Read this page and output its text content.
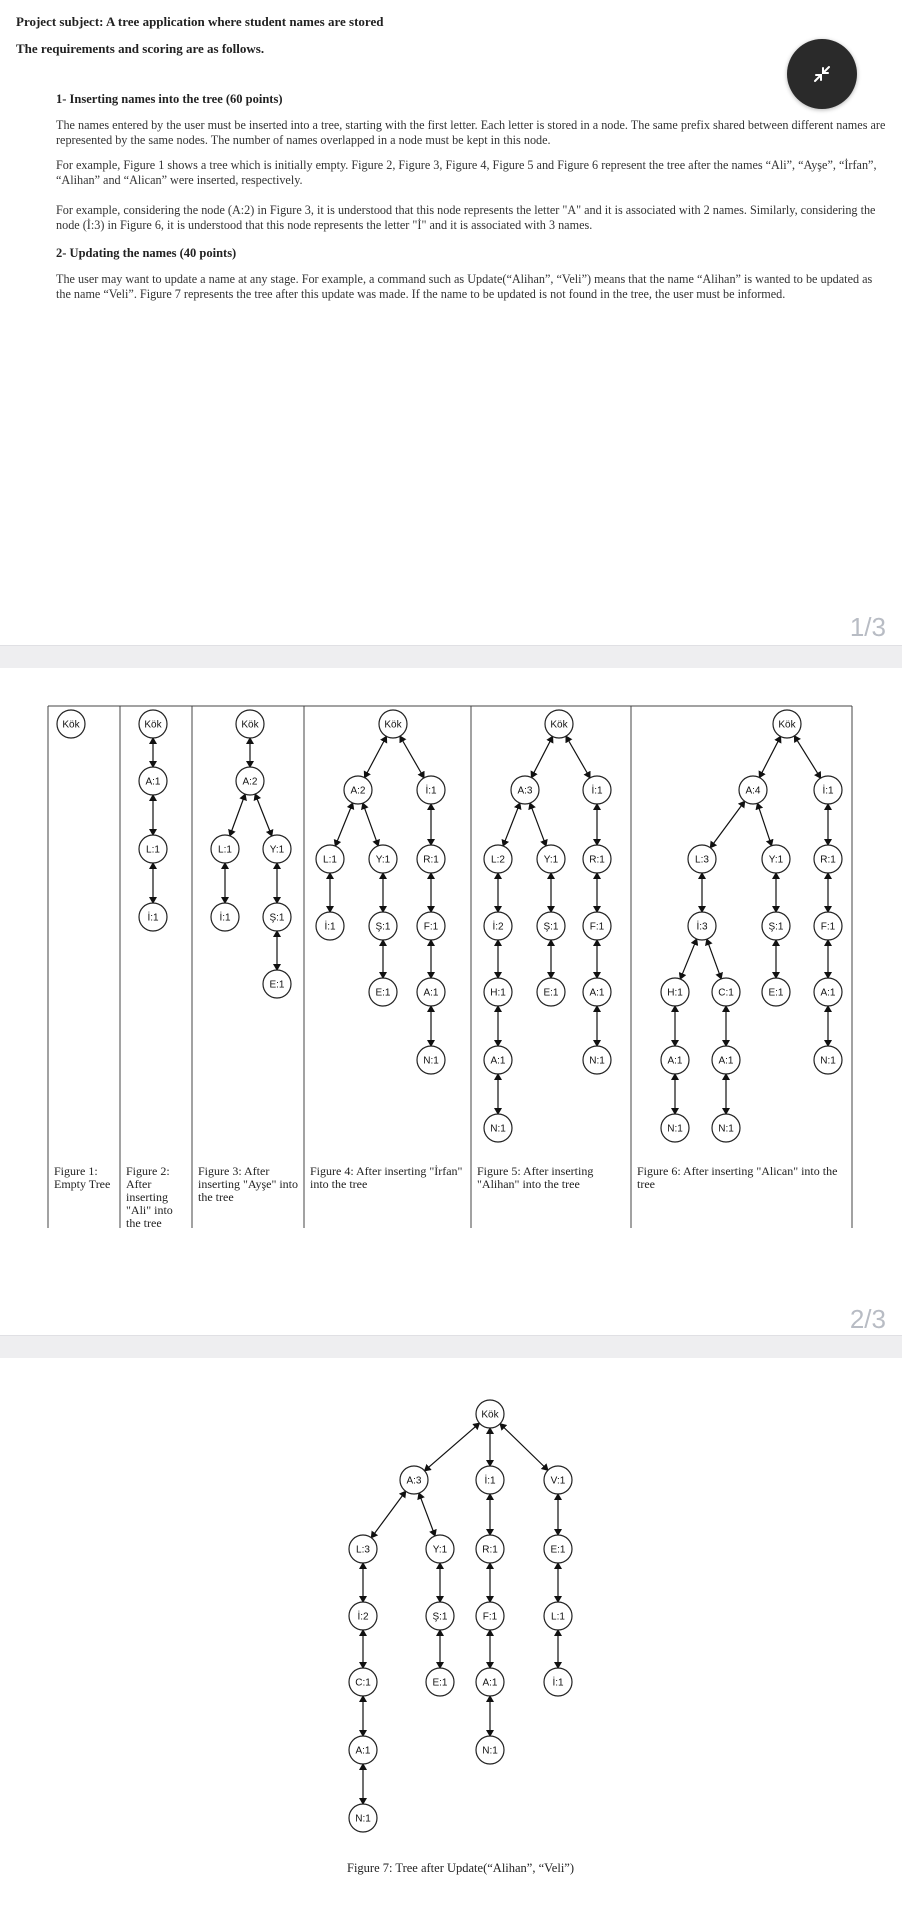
Project subject: A tree application where student names are stored
The requirements and scoring are as follows.
1- Inserting names into the tree (60 points)
The names entered by the user must be inserted into a tree, starting with the first letter. Each letter is stored in a node. The same prefix shared between different names are represented by the same nodes. The number of names overlapped in a node must be kept in this node.
For example, Figure 1 shows a tree which is initially empty. Figure 2, Figure 3, Figure 4, Figure 5 and Figure 6 represent the tree after the names “Ali”, “Ayşe”, “İrfan”, “Alihan” and “Alican” were inserted, respectively.
For example, considering the node (A:2) in Figure 3, it is understood that this node represents the letter "A" and it is associated with 2 names. Similarly, considering the node (İ:3) in Figure 6, it is understood that this node represents the letter "İ" and it is associated with 3 names.
2- Updating the names (40 points)
The user may want to update a name at any stage. For example, a command such as Update(“Alihan”, “Veli”) means that the name “Alihan” is wanted to be updated as the name “Veli”. Figure 7 represents the tree after this update was made. If the name to be updated is not found in the tree, the user must be informed.
1/3
Kök	Kök
A:1
L:1
İ:1
Kök
A:2
L:1	Y:1
İ:1	Ş:1
E:1
Kök
A:2	İ:1
L:1	Y:1	R:1
İ:1	Ş:1	F:1
E:1	A:1
N:1
Kök
A:3	İ:1
L:2	Y:1	R:1
İ:2	Ş:1	F:1
H:1	E:1	A:1
A:1	N:1
N:1
Kök
A:4	İ:1
L:3	Y:1	R:1
İ:3	Ş:1	F:1
H:1	C:1	E:1
A:1	A:1
A:1
N:1	N:1
N:1
Figure 1: Empty Tree
Figure 2: After inserting "Ali" into the tree
Figure 3: After inserting "Ayşe" into the tree
Figure 4: After inserting "İrfan" into the tree
Figure 5: After inserting "Alihan" into the tree
Figure 6: After inserting "Alican" into the tree
2/3
Kök
A:3	İ:1	V:1
L:3	Y:1	R:1	E:1
İ:2	Ş:1	F:1	L:1
C:1	E:1	A:1	İ:1
A:1	N:1
N:1
Figure 7: Tree after Update(“Alihan”, “Veli”)
